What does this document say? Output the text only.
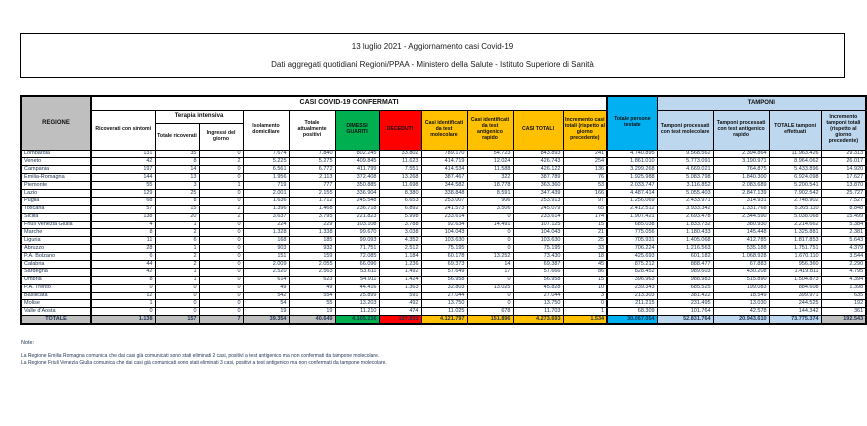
13 luglio 2021 - Aggiornamento casi Covid-19
Dati aggregati quotidiani Regioni/PPAA - Ministero della Salute - Istituto Superiore di Sanità
REGIONE	CASI COVID-19 CONFERMATI											Totale persone testate	TAMPONI			
	Ricoverati con sintomi	Terapia intensiva		Isolamento domiciliare	Totale attualmente positivi	DIMESSI GUARITI	DECEDUTI	Casi identificati da test molecolare	Casi identificati da test antigenico rapido	CASI TOTALI	Incremento casi totali (rispetto al giorno precedente)		Tamponi processati con test molecolare	Tamponi processati con test antigenico rapido	TOTALE tamponi effettuati	Incremento tamponi totali (rispetto al giorno precedente)
		Totale ricoverati	Ingressi del giorno													
Lombardia	131	35	0	7.674	7.840	802.245	33.802	789.170	54.723	843.893	241	4.740.895	9.568.562	2.394.864	11.963.426	29.313
Veneto	42	8	2	5.225	5.275	409.845	11.623	414.719	12.024	426.743	254	1.861.010	5.773.091	3.190.971	8.964.062	26.017
Campania	197	14	0	6.561	6.772	411.799	7.551	414.534	11.588	426.122	136	3.299.268	4.669.021	764.875	5.433.896	14.920
Emilia-Romagna	144	13	0	1.956	2.113	372.408	13.268	387.467	322	387.789	76	1.925.988	5.083.798	1.840.300	6.924.098	17.627
Piemonte	55	3	1	719	777	350.885	11.698	344.582	18.778	363.360	53	2.033.747	3.116.852	2.083.689	5.200.541	13.870
Lazio	129	25	0	2.001	2.155	336.904	8.380	338.848	8.591	347.439	166	4.487.414	5.055.403	2.847.139	7.902.542	25.727
Puglia	68	8	0	1.636	1.712	245.548	6.653	253.007	906	253.913	97	1.256.069	2.433.971	314.931	2.748.902	7.527
Toscana	57	15	2	1.396	1.468	236.718	6.892	241.573	3.506	245.079	65	2.412.512	3.933.342	1.331.768	5.265.110	8.848
Sicilia	138	20	2	3.637	3.795	221.823	5.998	233.614	0	233.614	174	1.907.421	2.693.478	2.344.590	5.038.068	15.499
Friuli Venezia Giulia	4	1	0	224	229	103.108	3.788	92.634	14.491	107.125	15	685.038	1.833.732	380.930	2.214.662	5.384
Marche	8	2	0	1.328	1.338	99.670	3.038	104.043	0	104.043	21	775.056	1.180.433	145.448	1.325.881	2.381
Liguria	11	6	0	168	185	99.093	4.352	103.630	0	103.630	25	705.931	1.405.068	412.785	1.817.853	5.643
Abruzzo	28	1	0	903	932	71.751	2.512	75.195	0	75.195	33	706.224	1.216.563	535.188	1.751.751	4.379
P.A. Bolzano	6	2	0	151	159	72.085	1.184	60.178	13.252	73.430	18	425.693	601.182	1.068.928	1.670.110	3.544
Calabria	44	2	0	2.009	2.055	66.096	1.236	69.373	14	69.387	45	875.212	888.477	67.883	956.360	2.290
Sardegna	42	1	0	2.520	2.563	53.611	1.492	57.649	17	57.666	86	828.452	989.603	430.208	1.419.811	4.795
Umbria	8	1	0	614	623	54.911	1.424	56.958	0	56.958	15	396.963	988.983	515.890	1.504.873	4.394
P.A. Trento	0	0	0	49	49	44.416	1.363	32.803	13.025	45.828	10	239.343	685.525	199.083	884.608	1.398
Basilicata	12	0	0	542	554	25.899	591	27.044	0	27.044	3	213.303	381.422	18.549	399.971	635
Molise	1	0	0	54	55	13.203	492	13.750	0	13.750	0	211.215	231.495	13.030	244.525	192
Valle d'Aosta	0	0	0	19	19	11.210	474	11.025	678	11.703	1	68.309	101.764	42.578	144.342	361
TOTALE	1.138	157	7	39.354	40.649	4.105.236	127.831	4.121.797	151.896	4.273.693	1.534	30.067.054	52.831.764	20.943.610	73.775.374	192.543
Note:
La Regione Emilia Romagna comunica che dai casi già comunicati sono stati eliminati 2 casi, positivi a test antigenico ma non confermati da tampone molecolare.
La Regione Friuli Venezia Giulia comunica che dai casi già comunicati sono stati eliminati 3 casi, positivi a test antigenico ma non confermati da tampone molecolare.
